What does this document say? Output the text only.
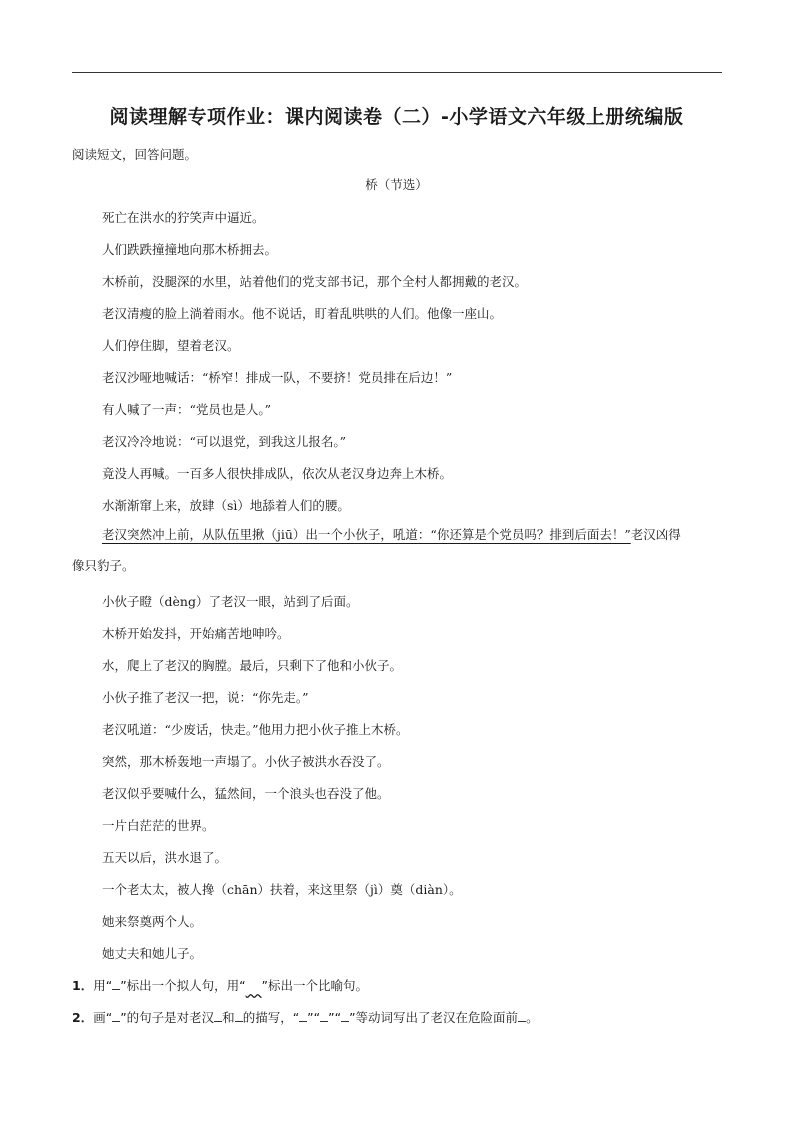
阅读理解专项作业：课内阅读卷（二）-小学语文六年级上册统编版

阅读短文，回答问题。

桥（节选）

死亡在洪水的狞笑声中逼近。

人们跌跌撞撞地向那木桥拥去。

木桥前，没腿深的水里，站着他们的党支部书记，那个全村人都拥戴的老汉。

老汉清瘦的脸上淌着雨水。他不说话，盯着乱哄哄的人们。他像一座山。

人们停住脚，望着老汉。

老汉沙哑地喊话：“桥窄！排成一队，不要挤！党员排在后边！”

有人喊了一声：“党员也是人。”

老汉冷冷地说：“可以退党，到我这儿报名。”

竟没人再喊。一百多人很快排成队，依次从老汉身边奔上木桥。

水渐渐窜上来，放肆（sì）地舔着人们的腰。

老汉突然冲上前，从队伍里揪（jiū）出一个小伙子，吼道：“你还算是个党员吗？排到后面去！”老汉凶得像只豹子。

小伙子瞪（dèng）了老汉一眼，站到了后面。

木桥开始发抖，开始痛苦地呻吟。

水，爬上了老汉的胸膛。最后，只剩下了他和小伙子。

小伙子推了老汉一把，说：“你先走。”

老汉吼道：“少废话，快走。”他用力把小伙子推上木桥。

突然，那木桥轰地一声塌了。小伙子被洪水吞没了。

老汉似乎要喊什么，猛然间，一个浪头也吞没了他。

一片白茫茫的世界。

五天以后，洪水退了。

一个老太太，被人搀（chān）扶着，来这里祭（jì）奠（diàn）。

她来祭奠两个人。

她丈夫和她儿子。

1．用“ ”标出一个拟人句，用“ ”标出一个比喻句。

2．画“ ”的句子是对老汉 和 的描写，“ ”“ ”“ ”等动词写出了老汉在危险面前 。
